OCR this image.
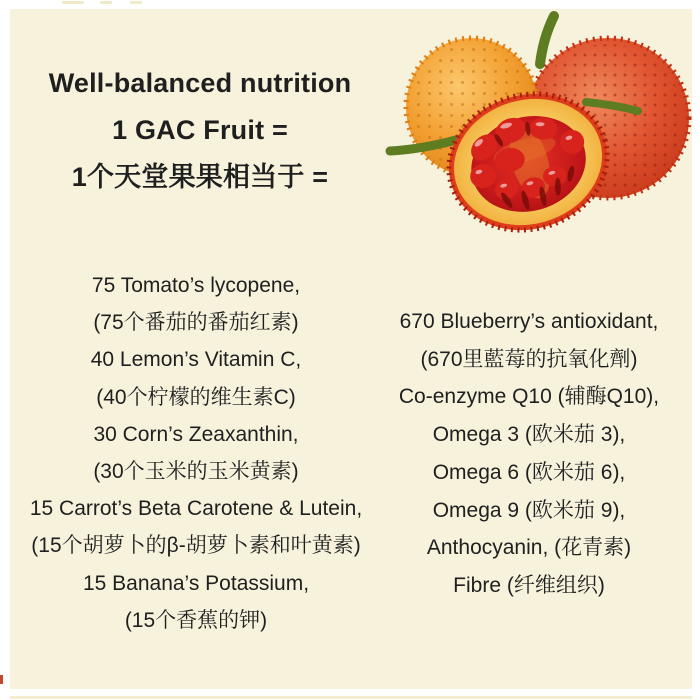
Well-balanced nutrition
1 GAC Fruit =
1个天堂果果相当于 =
75 Tomato’s lycopene,
(75个番茄的番茄红素)
40 Lemon’s Vitamin C,
(40个柠檬的维生素C)
30 Corn’s Zeaxanthin,
(30个玉米的玉米黄素)
15 Carrot’s Beta Carotene & Lutein,
(15个胡萝卜的β-胡萝卜素和叶黄素)
15 Banana’s Potassium,
(15个香蕉的钾)
670 Blueberry’s antioxidant,
(670里藍莓的抗氧化劑)
Co-enzyme Q10 (辅酶Q10),
Omega 3 (欧米茄 3),
Omega 6 (欧米茄 6),
Omega 9 (欧米茄 9),
Anthocyanin, (花青素)
Fibre (纤维组织)
